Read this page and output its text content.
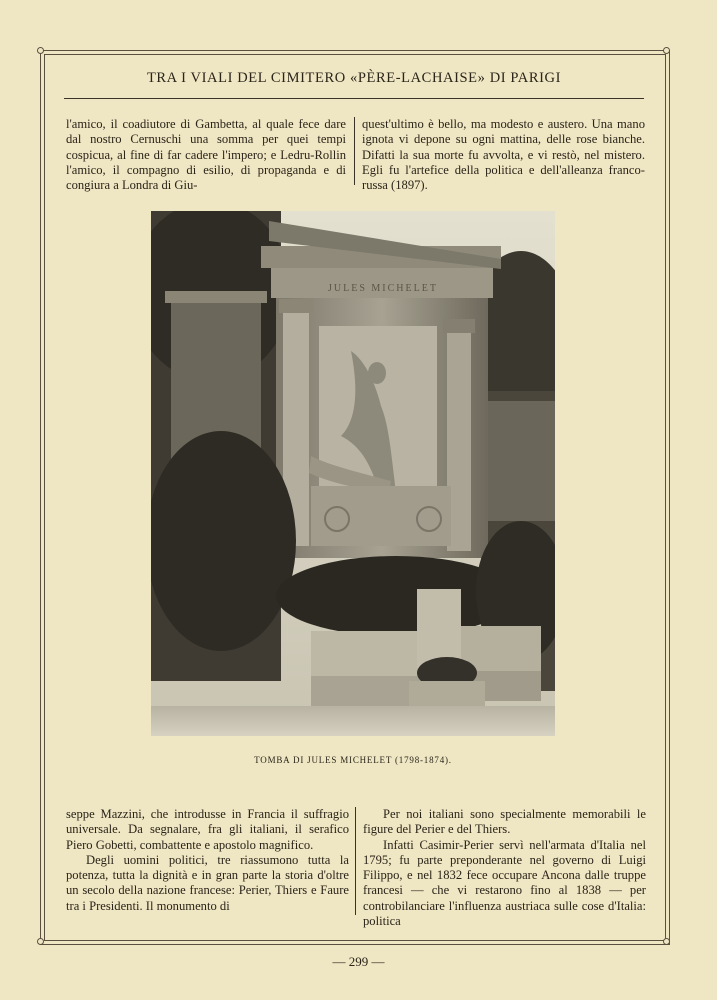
TRA I VIALI DEL CIMITERO «PÈRE-LACHAISE» DI PARIGI

l'amico, il coadiutore di Gambetta, al quale fece dare dal nostro Cernuschi una somma per quei tempi cospicua, al fine di far cadere l'impero; e Ledru-Rollin l'amico, il compagno di esilio, di propaganda e di congiura a Londra di Giu-

quest'ultimo è bello, ma modesto e austero. Una mano ignota vi depone su ogni mattina, delle rose bianche. Difatti la sua morte fu avvolta, e vi restò, nel mistero. Egli fu l'artefice della politica e dell'alleanza franco-russa (1897).

JULES MICHELET
TOMBA DI JULES MICHELET (1798-1874).

seppe Mazzini, che introdusse in Francia il suffragio universale. Da segnalare, fra gli italiani, il serafico Piero Gobetti, combattente e apostolo magnifico.

Degli uomini politici, tre riassumono tutta la potenza, tutta la dignità e in gran parte la storia d'oltre un secolo della nazione francese: Perier, Thiers e Faure tra i Presidenti. Il monumento di

Per noi italiani sono specialmente memorabili le figure del Perier e del Thiers.

Infatti Casimir-Perier servì nell'armata d'Italia nel 1795; fu parte preponderante nel governo di Luigi Filippo, e nel 1832 fece occupare Ancona dalle truppe francesi — che vi restarono fino al 1838 — per controbilanciare l'influenza austriaca sulle cose d'Italia: politica

— 299 —
